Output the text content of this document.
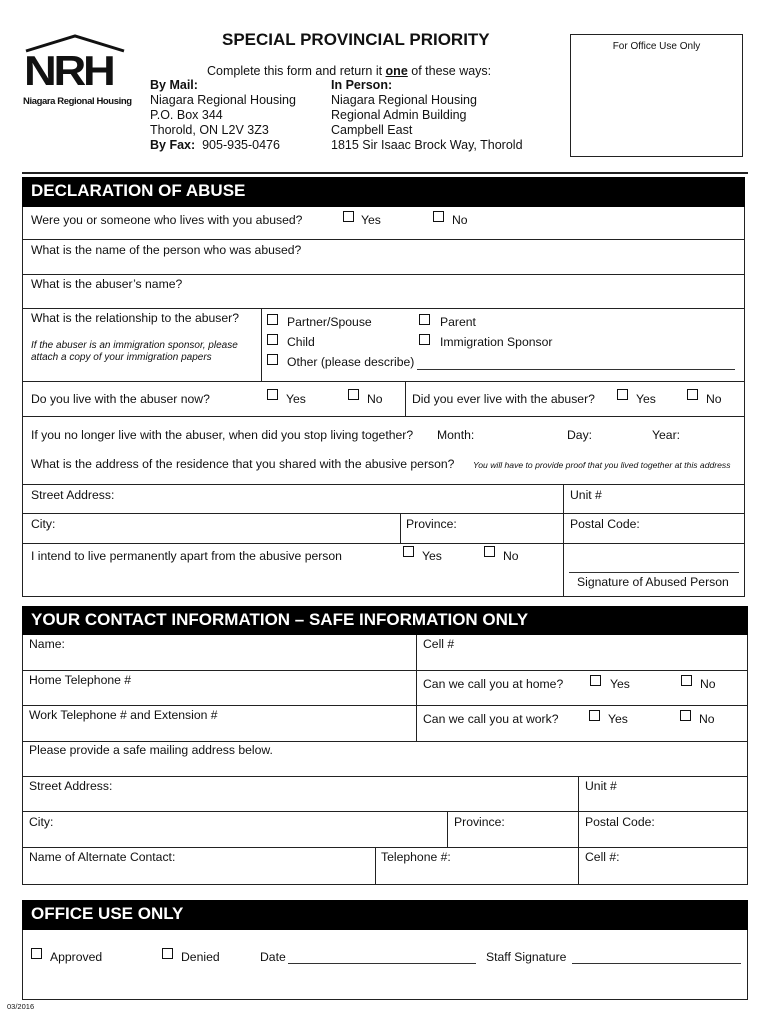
NRH
Niagara Regional Housing
SPECIAL PROVINCIAL PRIORITY
Complete this form and return it one of these ways:
By Mail:
Niagara Regional Housing
P.O. Box 344
Thorold, ON L2V 3Z3
By Fax: 905-935-0476
In Person:
Niagara Regional Housing
Regional Admin Building
Campbell East
1815 Sir Isaac Brock Way, Thorold
For Office Use Only
DECLARATION OF ABUSE
Were you or someone who lives with you abused?	Yes	No
What is the name of the person who was abused?
What is the abuser’s name?
What is the relationship to the abuser?
If the abuser is an immigration sponsor, please
attach a copy of your immigration papers
Partner/Spouse	Parent
Child	Immigration Sponsor
Other (please describe)
Do you live with the abuser now?	Yes	No Did you ever live with the abuser?	Yes	No
If you no longer live with the abuser, when did you stop living together? Month:	Day:	Year:
What is the address of the residence that you shared with the abusive person? You will have to provide proof that you lived together at this address
Street Address:	Unit #
City:	Province:	Postal Code:
I intend to live permanently apart from the abusive person	Yes	No
Signature of Abused Person
YOUR CONTACT INFORMATION – SAFE INFORMATION ONLY
Name:	Cell #
Home Telephone #	Can we call you at home?	Yes	No
Work Telephone # and Extension #	Can we call you at work?	Yes	No
Please provide a safe mailing address below.
Street Address:	Unit #
City:	Province:	Postal Code:
Name of Alternate Contact:	Telephone #:	Cell #:
OFFICE USE ONLY
Approved	Denied	Date	Staff Signature
03/2016
